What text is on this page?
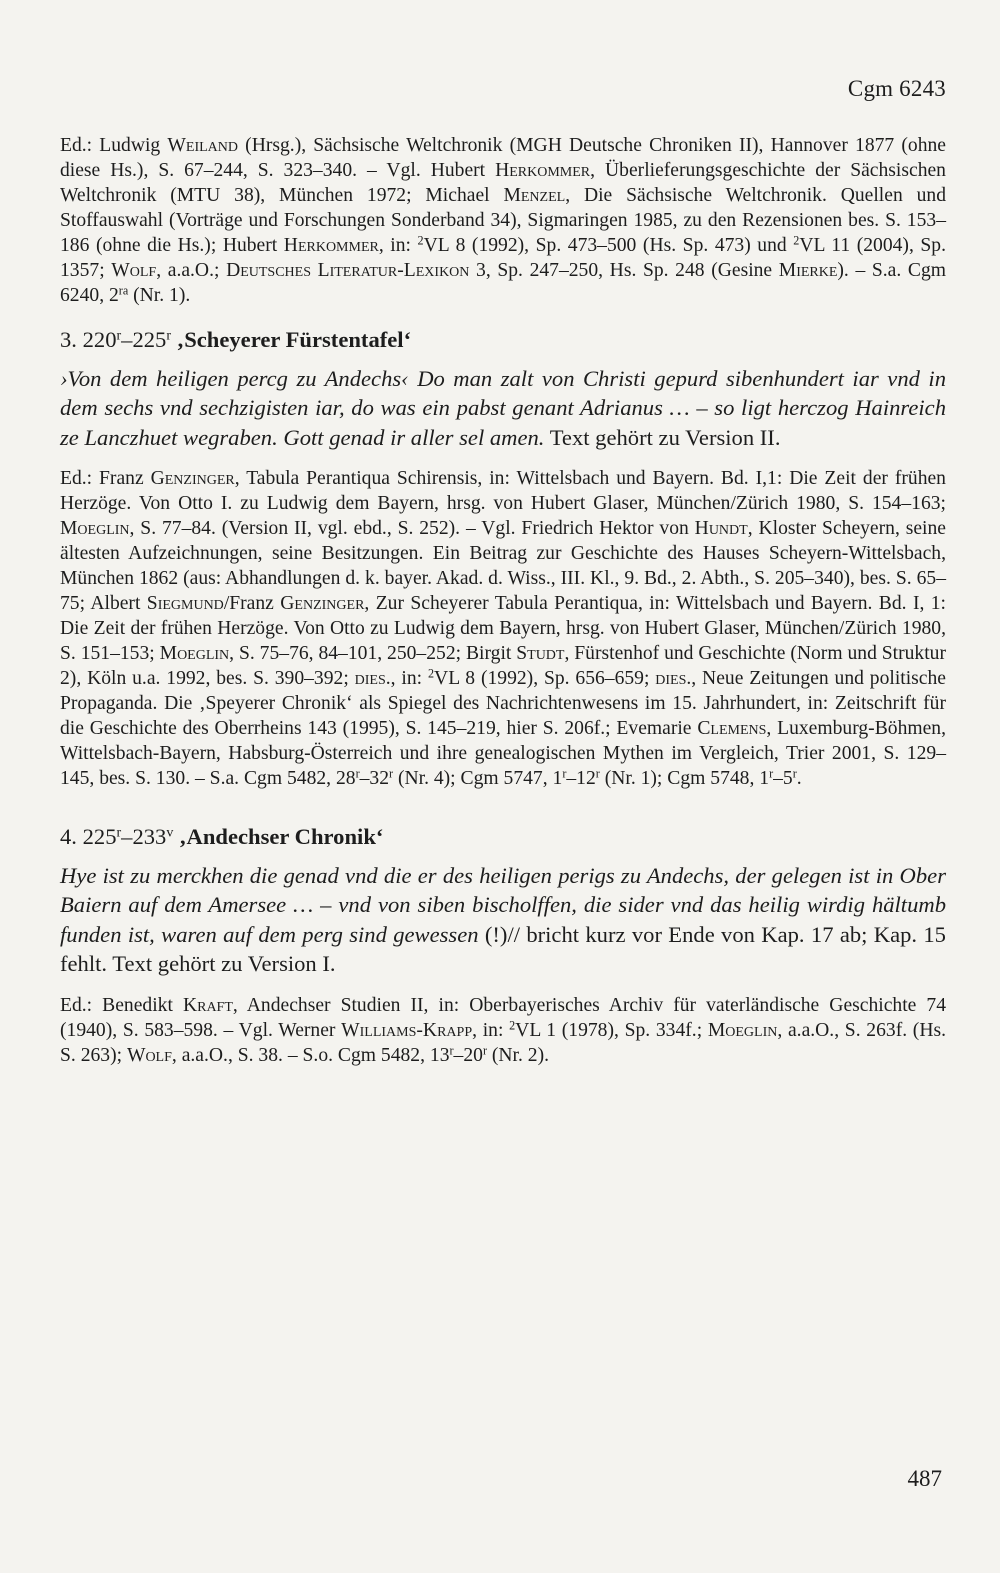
Cgm 6243

Ed.: Ludwig Weiland (Hrsg.), Sächsische Weltchronik (MGH Deutsche Chroniken II), Hannover 1877 (ohne diese Hs.), S. 67–244, S. 323–340. – Vgl. Hubert Herkommer, Überlieferungsgeschichte der Sächsischen Weltchronik (MTU 38), München 1972; Michael Menzel, Die Sächsische Weltchronik. Quellen und Stoffauswahl (Vorträge und Forschungen Sonderband 34), Sigmaringen 1985, zu den Rezensionen bes. S. 153–186 (ohne die Hs.); Hubert Herkommer, in: $^2$VL 8 (1992), Sp. 473–500 (Hs. Sp. 473) und $^2$VL 11 (2004), Sp. 1357; Wolf, a.a.O.; Deutsches Literatur-Lexikon 3, Sp. 247–250, Hs. Sp. 248 (Gesine Mierke). – S.a. Cgm 6240, $2^{ra}$ (Nr. 1).

3. 220$^r$–225$^r$ ‚Scheyerer Fürstentafel‘

›Von dem heiligen percg zu Andechs‹ Do man zalt von Christi gepurd sibenhundert iar vnd in dem sechs vnd sechzigisten iar, do was ein pabst genant Adrianus … – so ligt herczog Hainreich ze Lanczhuet wegraben. Gott genad ir aller sel amen. Text gehört zu Version II.

Ed.: Franz Genzinger, Tabula Perantiqua Schirensis, in: Wittelsbach und Bayern. Bd. I,1: Die Zeit der frühen Herzöge. Von Otto I. zu Ludwig dem Bayern, hrsg. von Hubert Glaser, München/Zürich 1980, S. 154–163; Moeglin, S. 77–84. (Version II, vgl. ebd., S. 252). – Vgl. Friedrich Hektor von Hundt, Kloster Scheyern, seine ältesten Aufzeichnungen, seine Besitzungen. Ein Beitrag zur Geschichte des Hauses Scheyern-Wittelsbach, München 1862 (aus: Abhandlungen d. k. bayer. Akad. d. Wiss., III. Kl., 9. Bd., 2. Abth., S. 205–340), bes. S. 65–75; Albert Siegmund/Franz Genzinger, Zur Scheyerer Tabula Perantiqua, in: Wittelsbach und Bayern. Bd. I, 1: Die Zeit der frühen Herzöge. Von Otto zu Ludwig dem Bayern, hrsg. von Hubert Glaser, München/Zürich 1980, S. 151–153; Moeglin, S. 75–76, 84–101, 250–252; Birgit Studt, Fürstenhof und Geschichte (Norm und Struktur 2), Köln u.a. 1992, bes. S. 390–392; dies., in: $^2$VL 8 (1992), Sp. 656–659; dies., Neue Zeitungen und politische Propaganda. Die ‚Speyerer Chronik‘ als Spiegel des Nachrichtenwesens im 15. Jahrhundert, in: Zeitschrift für die Geschichte des Oberrheins 143 (1995), S. 145–219, hier S. 206f.; Evemarie Clemens, Luxemburg-Böhmen, Wittelsbach-Bayern, Habsburg-Österreich und ihre genealogischen Mythen im Vergleich, Trier 2001, S. 129–145, bes. S. 130. – S.a. Cgm 5482, 28$^r$–32$^r$ (Nr. 4); Cgm 5747, 1$^r$–12$^r$ (Nr. 1); Cgm 5748, 1$^r$–5$^r$.

4. 225$^r$–233$^v$ ‚Andechser Chronik‘

Hye ist zu merckhen die genad vnd die er des heiligen perigs zu Andechs, der gelegen ist in Ober Baiern auf dem Amersee … – vnd von siben bischolffen, die sider vnd das heilig wirdig hältumb funden ist, waren auf dem perg sind gewessen (!)// bricht kurz vor Ende von Kap. 17 ab; Kap. 15 fehlt. Text gehört zu Version I.

Ed.: Benedikt Kraft, Andechser Studien II, in: Oberbayerisches Archiv für vaterländische Geschichte 74 (1940), S. 583–598. – Vgl. Werner Williams-Krapp, in: $^2$VL 1 (1978), Sp. 334f.; Moeglin, a.a.O., S. 263f. (Hs. S. 263); Wolf, a.a.O., S. 38. – S.o. Cgm 5482, 13$^r$–20$^r$ (Nr. 2).

487
